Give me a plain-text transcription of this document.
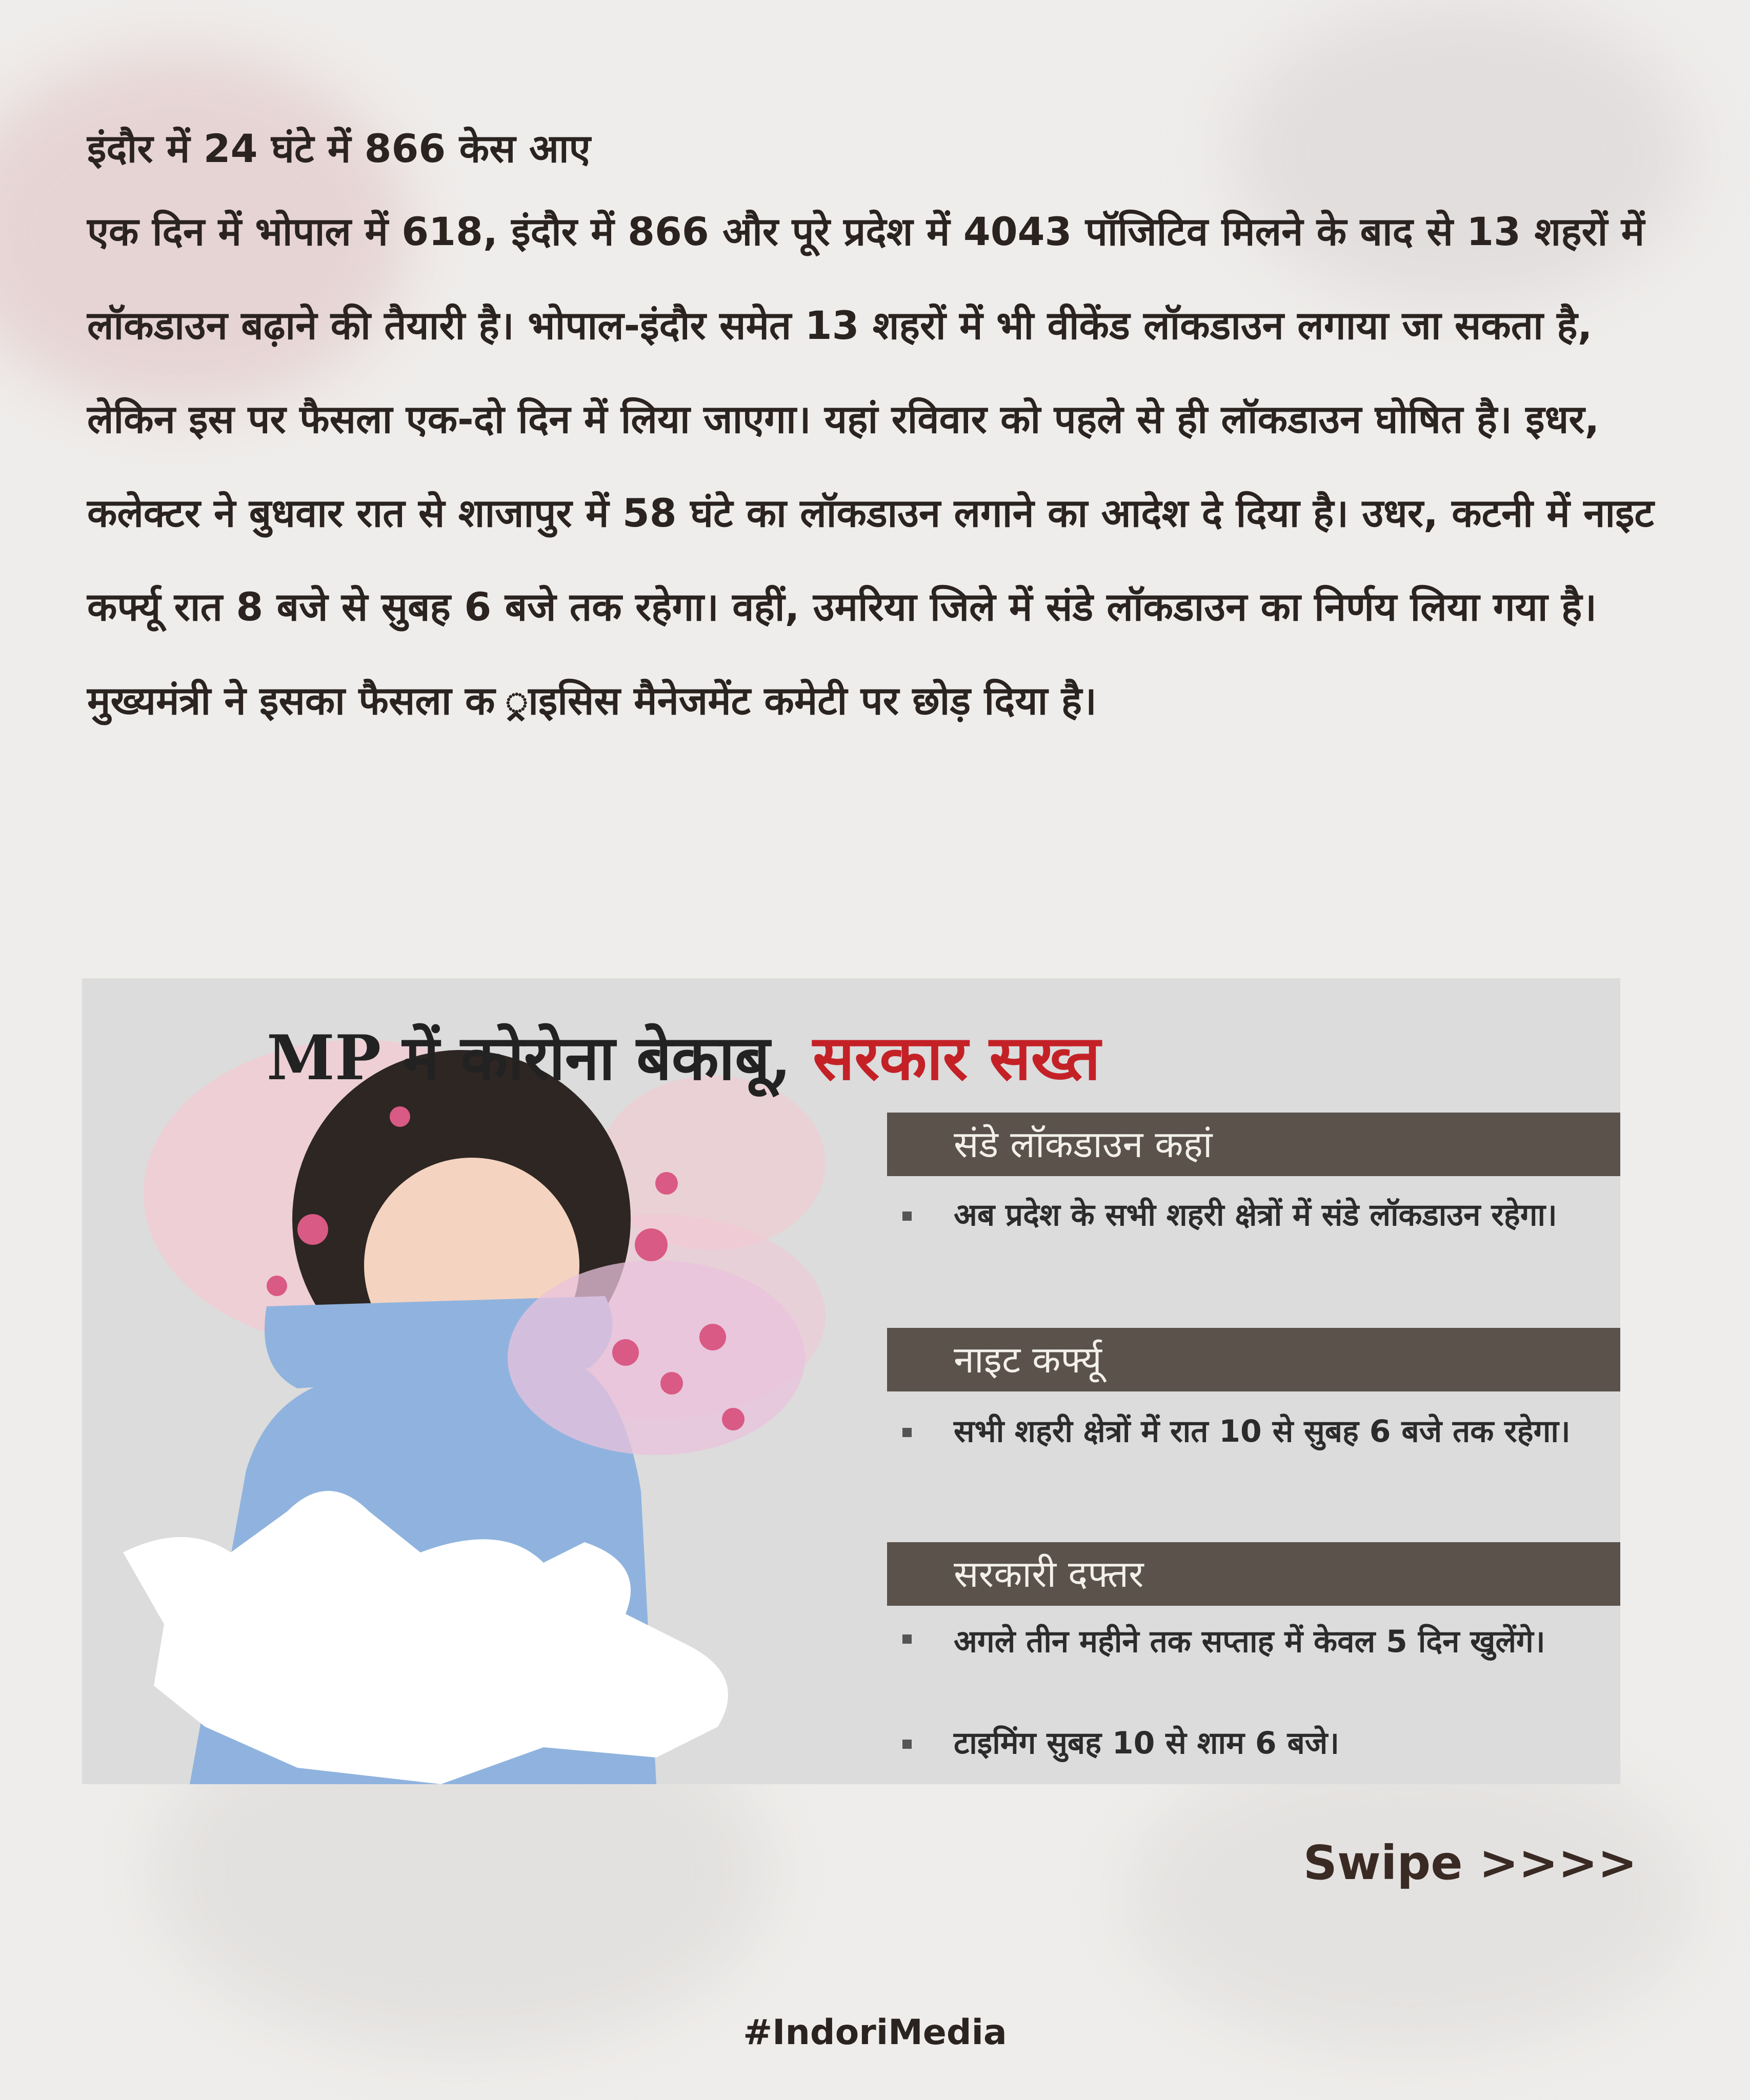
इंदौर में 24 घंटे में 866 केस आए

एक दिन में भोपाल में 618, इंदौर में 866 और पूरे प्रदेश में 4043 पॉजिटिव मिलने के बाद से 13 शहरों में लॉकडाउन बढ़ाने की तैयारी है। भोपाल-इंदौर समेत 13 शहरों में भी वीकेंड लॉकडाउन लगाया जा सकता है, लेकिन इस पर फैसला एक-दो दिन में लिया जाएगा। यहां रविवार को पहले से ही लॉकडाउन घोषित है। इधर, कलेक्टर ने बुधवार रात से शाजापुर में 58 घंटे का लॉकडाउन लगाने का आदेश दे दिया है। उधर, कटनी में नाइट कर्फ्यू रात 8 बजे से सुबह 6 बजे तक रहेगा। वहीं, उमरिया जिले में संडे लॉकडाउन का निर्णय लिया गया है। मुख्यमंत्री ने इसका फैसला क ्राइसिस मैनेजमेंट कमेटी पर छोड़ दिया है।

MP में कोरोना बेकाबू, सरकार सख्त
संडे लॉकडाउन कहां
अब प्रदेश के सभी शहरी क्षेत्रों में संडे लॉकडाउन रहेगा।
नाइट कर्फ्यू
सभी शहरी क्षेत्रों में रात 10 से सुबह 6 बजे तक रहेगा।
सरकारी दफ्तर
अगले तीन महीने तक सप्ताह में केवल 5 दिन खुलेंगे।
टाइमिंग सुबह 10 से शाम 6 बजे।
Swipe >>>>
#IndoriMedia
